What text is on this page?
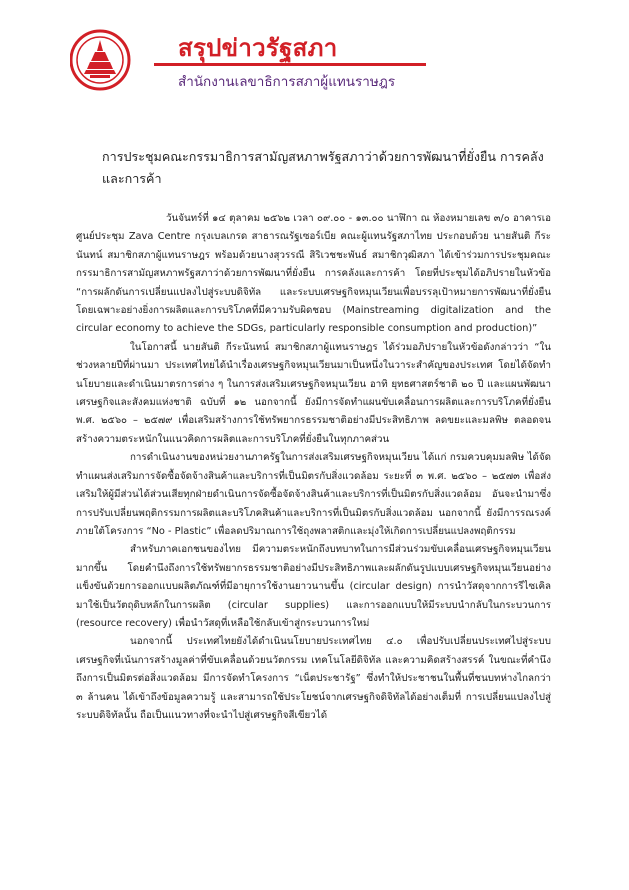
สรุปข่าวรัฐสภา
สำนักงานเลขาธิการสภาผู้แทนราษฎร
การประชุมคณะกรรมาธิการสามัญสหภาพรัฐสภาว่าด้วยการพัฒนาที่ยั่งยืน การคลัง และการค้า

วันจันทร์ที่ ๑๔ ตุลาคม ๒๕๖๒ เวลา ๐๙.๐๐ - ๑๓.๐๐ นาฬิกา ณ ห้องหมายเลข ๓/๐ อาคารเอ ศูนย์ประชุม Zava Centre กรุงเบลเกรด สาธารณรัฐเซอร์เบีย คณะผู้แทนรัฐสภาไทย ประกอบด้วย นายสันติ กีระนันทน์ สมาชิกสภาผู้แทนราษฎร พร้อมด้วยนางสุวรรณี สิริเวชชะพันธ์ สมาชิกวุฒิสภา ได้เข้าร่วมการประชุมคณะกรรมาธิการสามัญสหภาพรัฐสภาว่าด้วยการพัฒนาที่ยั่งยืน การคลังและการค้า โดยที่ประชุมได้อภิปรายในหัวข้อ “การผลักดันการเปลี่ยนแปลงไปสู่ระบบดิจิทัล และระบบเศรษฐกิจหมุนเวียนเพื่อบรรลุเป้าหมายการพัฒนาที่ยั่งยืน โดยเฉพาะอย่างยิ่งการผลิตและการบริโภคที่มีความรับผิดชอบ (Mainstreaming digitalization and the circular economy to achieve the SDGs, particularly responsible consumption and production)”

ในโอกาสนี้ นายสันติ กีระนันทน์ สมาชิกสภาผู้แทนราษฎร ได้ร่วมอภิปรายในหัวข้อดังกล่าวว่า “ในช่วงหลายปีที่ผ่านมา ประเทศไทยได้นำเรื่องเศรษฐกิจหมุนเวียนมาเป็นหนึ่งในวาระสำคัญของประเทศ โดยได้จัดทำนโยบายและดำเนินมาตรการต่าง ๆ ในการส่งเสริมเศรษฐกิจหมุนเวียน อาทิ ยุทธศาสตร์ชาติ ๒๐ ปี และแผนพัฒนาเศรษฐกิจและสังคมแห่งชาติ ฉบับที่ ๑๒ นอกจากนี้ ยังมีการจัดทำแผนขับเคลื่อนการผลิตและการบริโภคที่ยั่งยืน พ.ศ. ๒๕๖๐ – ๒๕๗๙ เพื่อเสริมสร้างการใช้ทรัพยากรธรรมชาติอย่างมีประสิทธิภาพ ลดขยะและมลพิษ ตลอดจนสร้างความตระหนักในแนวคิดการผลิตและการบริโภคที่ยั่งยืนในทุกภาคส่วน

การดำเนินงานของหน่วยงานภาครัฐในการส่งเสริมเศรษฐกิจหมุนเวียน ได้แก่ กรมควบคุมมลพิษ ได้จัดทำแผนส่งเสริมการจัดซื้อจัดจ้างสินค้าและบริการที่เป็นมิตรกับสิ่งแวดล้อม ระยะที่ ๓ พ.ศ. ๒๕๖๐ – ๒๕๗๓ เพื่อส่งเสริมให้ผู้มีส่วนได้ส่วนเสียทุกฝ่ายดำเนินการจัดซื้อจัดจ้างสินค้าและบริการที่เป็นมิตรกับสิ่งแวดล้อม อันจะนำมาซึ่งการปรับเปลี่ยนพฤติกรรมการผลิตและบริโภคสินค้าและบริการที่เป็นมิตรกับสิ่งแวดล้อม นอกจากนี้ ยังมีการรณรงค์ภายใต้โครงการ “No - Plastic” เพื่อลดปริมาณการใช้ถุงพลาสติกและมุ่งให้เกิดการเปลี่ยนแปลงพฤติกรรม

สำหรับภาคเอกชนของไทย มีความตระหนักถึงบทบาทในการมีส่วนร่วมขับเคลื่อนเศรษฐกิจหมุนเวียนมากขึ้น โดยคำนึงถึงการใช้ทรัพยากรธรรมชาติอย่างมีประสิทธิภาพและผลักดันรูปแบบเศรษฐกิจหมุนเวียนอย่างแข็งขันด้วยการออกแบบผลิตภัณฑ์ที่มีอายุการใช้งานยาวนานขึ้น (circular design) การนำวัสดุจากการรีไซเคิลมาใช้เป็นวัตถุดิบหลักในการผลิต (circular supplies) และการออกแบบให้มีระบบนำกลับในกระบวนการ (resource recovery) เพื่อนำวัสดุที่เหลือใช้กลับเข้าสู่กระบวนการใหม่

นอกจากนี้ ประเทศไทยยังได้ดำเนินนโยบายประเทศไทย ๔.๐ เพื่อปรับเปลี่ยนประเทศไปสู่ระบบเศรษฐกิจที่เน้นการสร้างมูลค่าที่ขับเคลื่อนด้วยนวัตกรรม เทคโนโลยีดิจิทัล และความคิดสร้างสรรค์ ในขณะที่คำนึงถึงการเป็นมิตรต่อสิ่งแวดล้อม มีการจัดทำโครงการ “เน็ตประชารัฐ” ซึ่งทำให้ประชาชนในพื้นที่ชนบทห่างไกลกว่า ๓ ล้านคน ได้เข้าถึงข้อมูลความรู้ และสามารถใช้ประโยชน์จากเศรษฐกิจดิจิทัลได้อย่างเต็มที่ การเปลี่ยนแปลงไปสู่ระบบดิจิทัลนั้น ถือเป็นแนวทางที่จะนำไปสู่เศรษฐกิจสีเขียวได้
